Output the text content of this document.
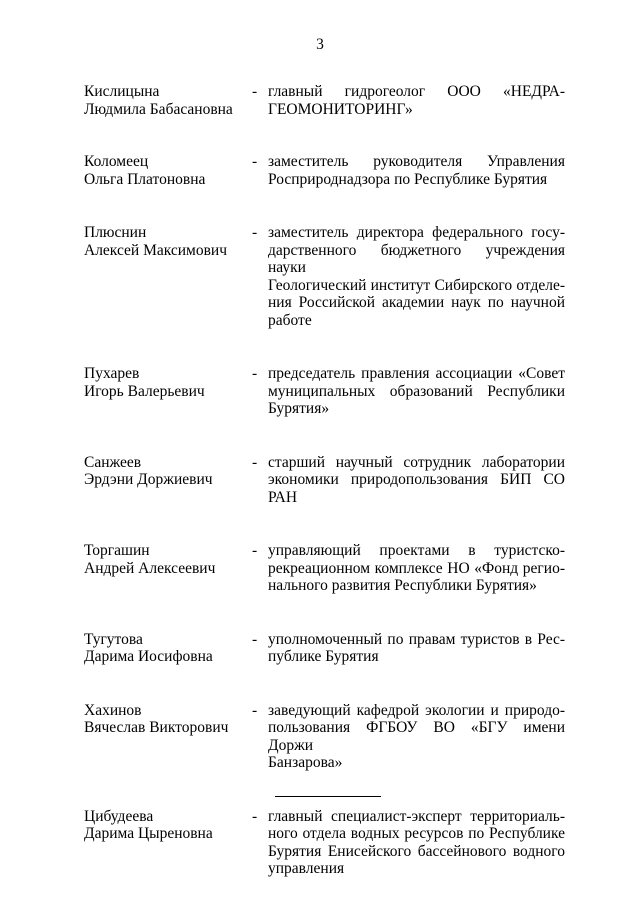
3
Кислицына
Людмила Бабасановна
- главный гидрогеолог ООО «НЕДРА-
ГЕОМОНИТОРИНГ»
Коломеец
Ольга Платоновна
- заместитель руководителя Управления
Росприроднадзора по Республике Бурятия
Плюснин
Алексей Максимович
- заместитель директора федерального госу-
дарственного бюджетного учреждения науки
Геологический институт Сибирского отделе-
ния Российской академии наук по научной
работе
Пухарев
Игорь Валерьевич
- председатель правления ассоциации «Совет
муниципальных образований Республики
Бурятия»
Санжеев
Эрдэни Доржиевич
- старший научный сотрудник лаборатории
экономики природопользования БИП СО
РАН
Торгашин
Андрей Алексеевич
- управляющий проектами в туристско-
рекреационном комплексе НО «Фонд регио-
нального развития Республики Бурятия»
Тугутова
Дарима Иосифовна
- уполномоченный по правам туристов в Рес-
публике Бурятия
Хахинов
Вячеслав Викторович
- заведующий кафедрой экологии и природо-
пользования ФГБОУ ВО «БГУ имени Доржи
Банзарова»
Цибудеева
Дарима Цыреновна
- главный специалист-эксперт территориаль-
ного отдела водных ресурсов по Республике
Бурятия Енисейского бассейнового водного
управления
